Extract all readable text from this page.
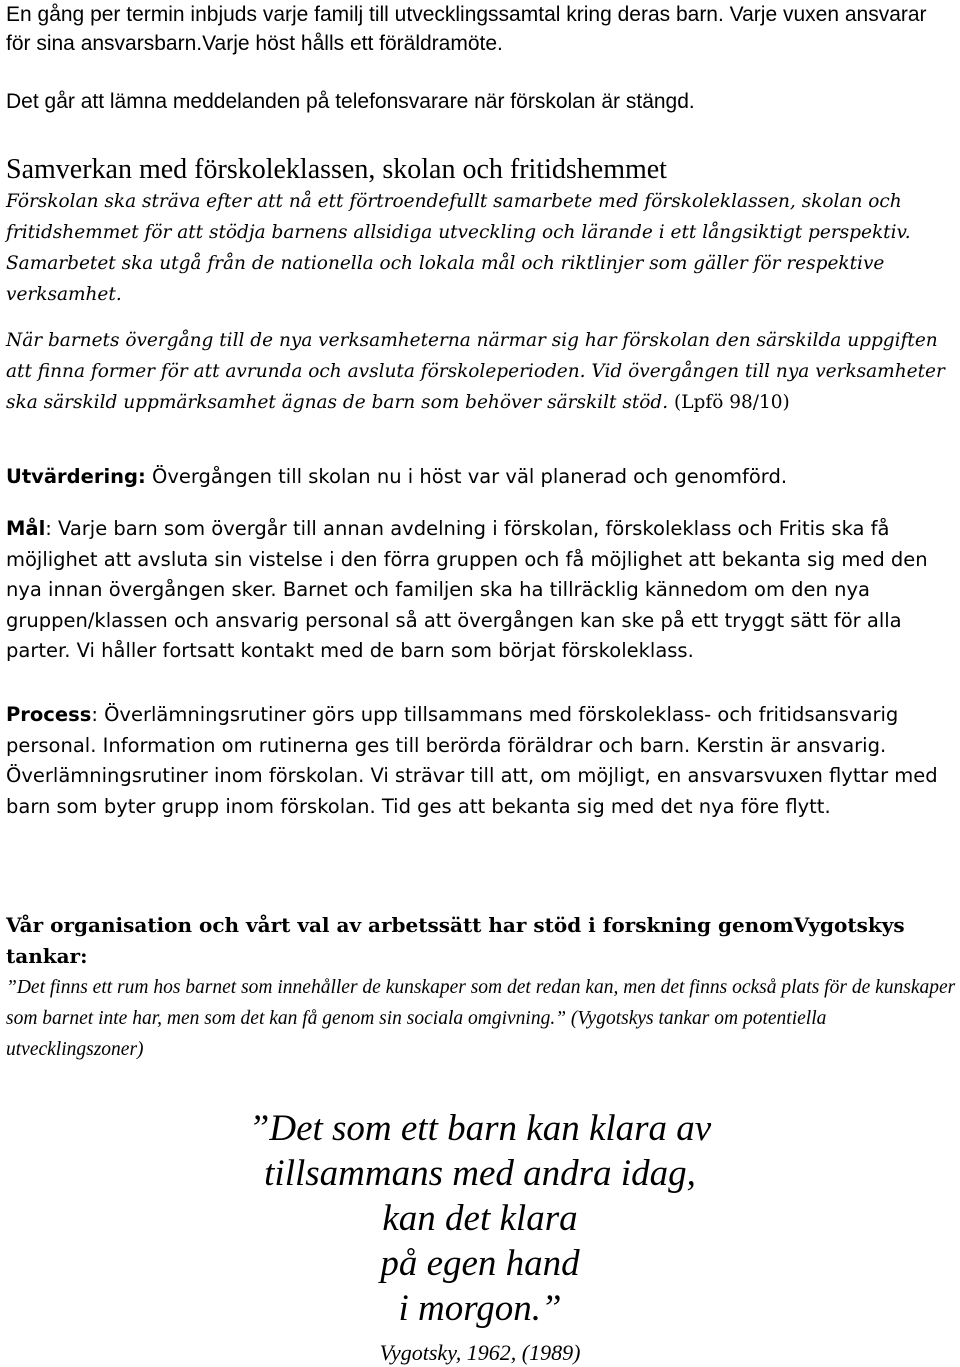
En gång per termin inbjuds varje familj till utvecklingssamtal kring deras barn. Varje vuxen ansvarar för sina ansvarsbarn.Varje höst hålls ett föräldramöte.

Det går att lämna meddelanden på telefonsvarare när förskolan är stängd.

Samverkan med förskoleklassen, skolan och fritidshemmet

Förskolan ska sträva efter att nå ett förtroendefullt samarbete med förskoleklassen, skolan och fritidshemmet för att stödja barnens allsidiga utveckling och lärande i ett långsiktigt perspektiv. Samarbetet ska utgå från de nationella och lokala mål och riktlinjer som gäller för respektive verksamhet.

När barnets övergång till de nya verksamheterna närmar sig har förskolan den särskilda uppgiften att finna former för att avrunda och avsluta förskoleperioden. Vid övergången till nya verksamheter ska särskild uppmärksamhet ägnas de barn som behöver särskilt stöd. (Lpfö 98/10)

Utvärdering: Övergången till skolan nu i höst var väl planerad och genomförd.

Mål: Varje barn som övergår till annan avdelning i förskolan, förskoleklass och Fritis ska få möjlighet att avsluta sin vistelse i den förra gruppen och få möjlighet att bekanta sig med den nya innan övergången sker. Barnet och familjen ska ha tillräcklig kännedom om den nya gruppen/klassen och ansvarig personal så att övergången kan ske på ett tryggt sätt för alla parter. Vi håller fortsatt kontakt med de barn som börjat förskoleklass.

Process: Överlämningsrutiner görs upp tillsammans med förskoleklass- och fritidsansvarig personal. Information om rutinerna ges till berörda föräldrar och barn. Kerstin är ansvarig. Överlämningsrutiner inom förskolan. Vi strävar till att, om möjligt, en ansvarsvuxen flyttar med barn som byter grupp inom förskolan. Tid ges att bekanta sig med det nya före flytt.

Vår organisation och vårt val av arbetssätt har stöd i forskning genomVygotskys tankar:

”Det finns ett rum hos barnet som innehåller de kunskaper som det redan kan, men det finns också plats för de kunskaper som barnet inte har, men som det kan få genom sin sociala omgivning.” (Vygotskys tankar om potentiella utvecklingszoner)

”Det som ett barn kan klara av
tillsammans med andra idag,
kan det klara
på egen hand
i morgon.”
Vygotsky, 1962, (1989)
